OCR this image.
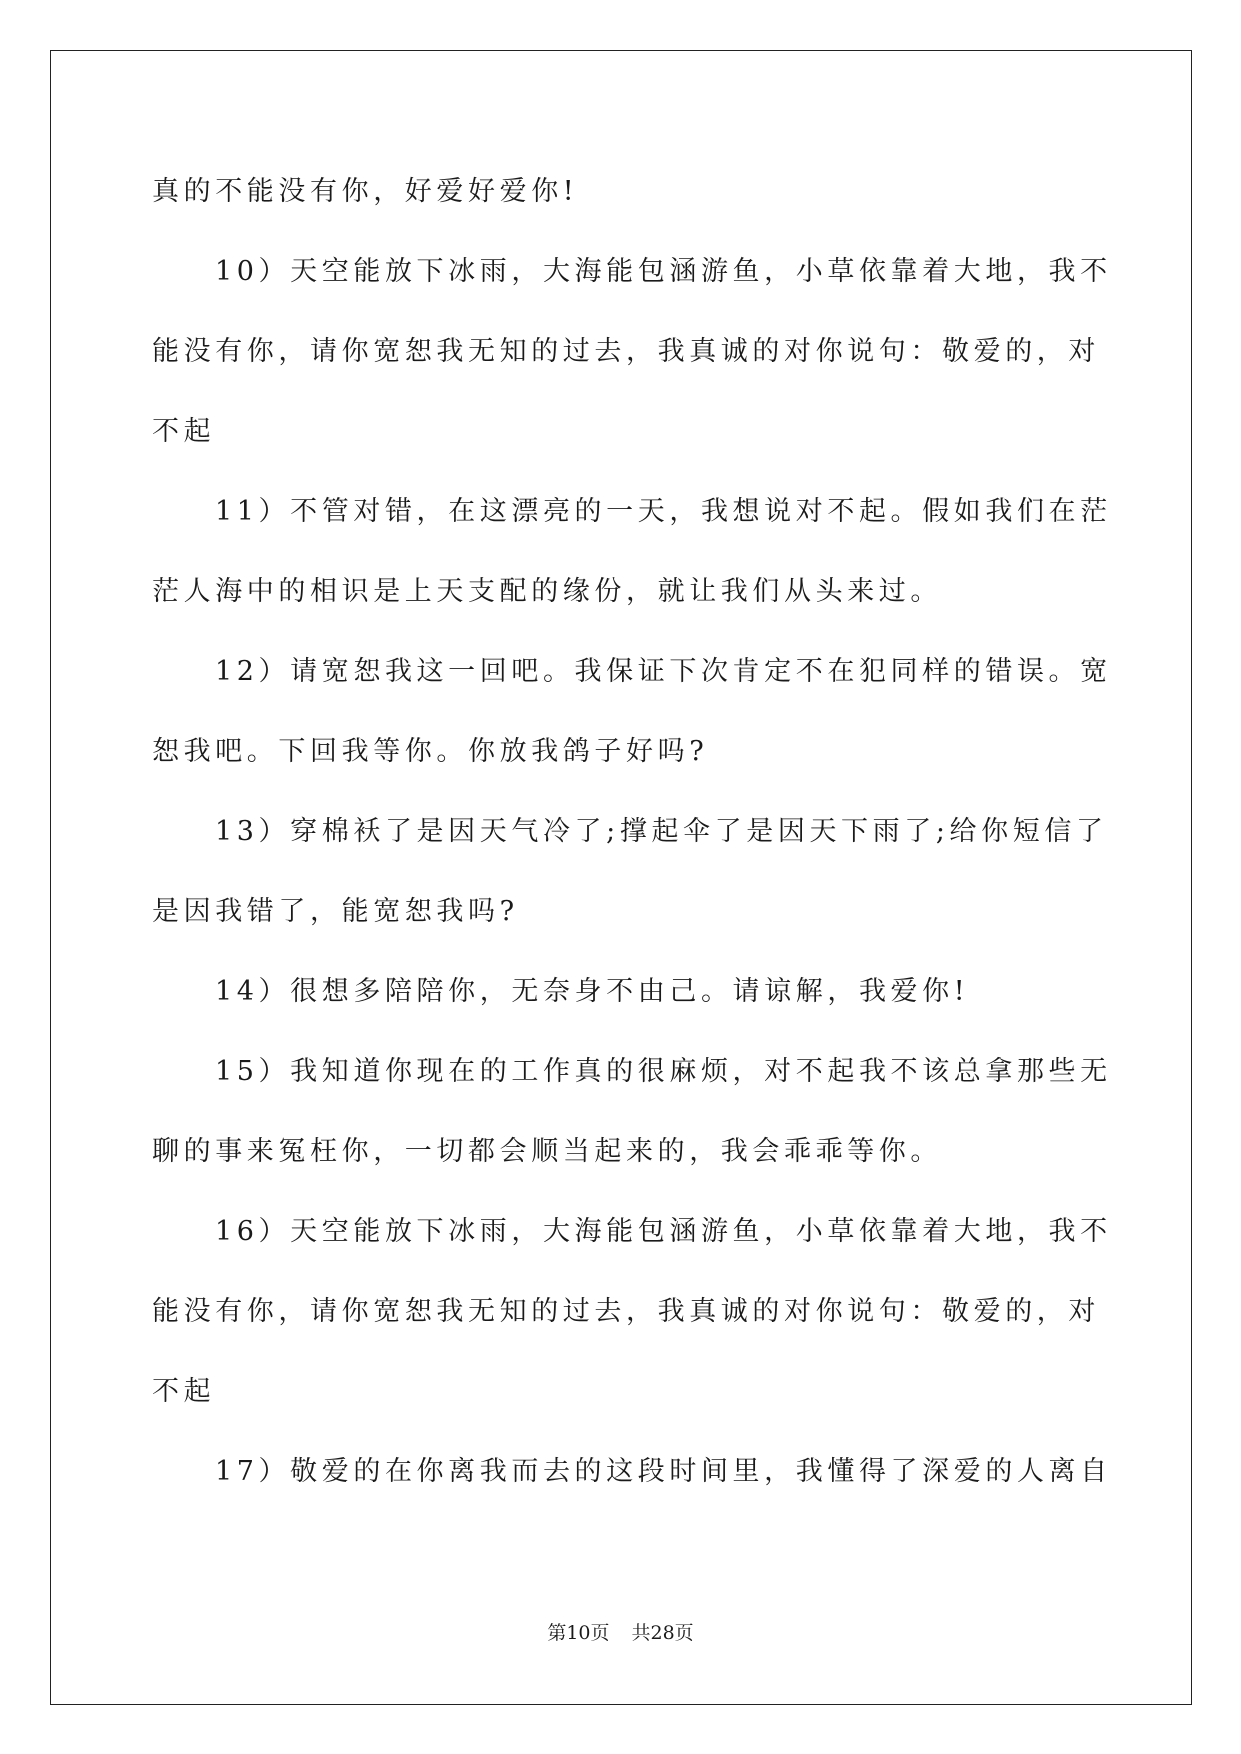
真的不能没有你，好爱好爱你!
10）天空能放下冰雨，大海能包涵游鱼，小草依靠着大地，我不
能没有你，请你宽恕我无知的过去，我真诚的对你说句：敬爱的，对
不起
11）不管对错，在这漂亮的一天，我想说对不起。假如我们在茫
茫人海中的相识是上天支配的缘份，就让我们从头来过。
12）请宽恕我这一回吧。我保证下次肯定不在犯同样的错误。宽
恕我吧。下回我等你。你放我鸽子好吗?
13）穿棉袄了是因天气冷了;撑起伞了是因天下雨了;给你短信了
是因我错了，能宽恕我吗?
14）很想多陪陪你，无奈身不由己。请谅解，我爱你!
15）我知道你现在的工作真的很麻烦，对不起我不该总拿那些无
聊的事来冤枉你，一切都会顺当起来的，我会乖乖等你。
16）天空能放下冰雨，大海能包涵游鱼，小草依靠着大地，我不
能没有你，请你宽恕我无知的过去，我真诚的对你说句：敬爱的，对
不起
17）敬爱的在你离我而去的这段时间里，我懂得了深爱的人离自
第10页 共28页
